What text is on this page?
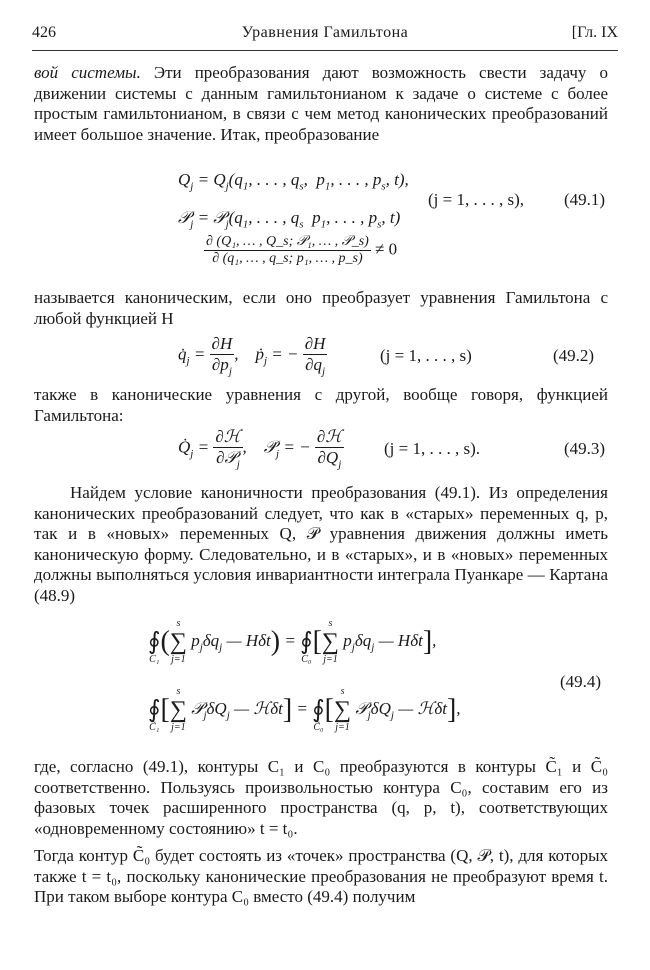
426	Уравнения Гамильтона	[Гл. IX
вой системы. Эти преобразования дают возможность свести задачу о движении системы с данным гамильтонианом к задаче о системе с более простым гамильтонианом, в связи с чем метод канонических преобразований имеет большое значение. Итак, преобразование
$Q_j = Q_j(q_1$, . . . , $q_s$,  $p_1$, . . . , $p_s$, t),
𝒫$_j$ = $𝒫_j(q_1$, . . . , $q_s$  $p_1$, . . . , $p_s$, t)
(j = 1, . . . , s), (49.1)
$\frac{\text{∂ (Q₁, … , Q\_s; 𝒫₁, … , 𝒫\_s)}}{\text{∂ (q₁, … , q\_s; p₁, … , p\_s)}} \ne 0$
называется каноническим, если оно преобразует уравнения Гамильтона с любой функцией H
$q̇_j = \frac{\partial H}{\partial p_j}$ ,    ṗ$_j$ = − $\frac{\partial H}{\partial q_j}$	(j = 1, . . . , s)	(49.2)
также в канонические уравнения с другой, вообще говоря, функцией Гамильтона:
$Q̇_j = \frac{\text{∂ℋ}}{\partial 𝒫_j}$ ,    $𝒫̇_j$ = − $\frac{\text{∂ℋ}}{\partial Q_j} (j = 1$, . . . , s).	(49.3)
Найдем условие каноничности преобразования (49.1). Из определения канонических преобразований следует, что как в «старых» переменных q, p, так и в «новых» переменных Q, 𝒫 уравнения движения должны иметь каноническую форму. Следовательно, и в «старых», и в «новых» переменных должны выполняться условия инвариантности интеграла Пуанкаре — Картана (48.9)

∮
C₁
(
s
∑
j=1
$p_j\delta q_j$ — Hδt) =
∮
C₀
[
s
∑
j=1
$p_j\delta q_j$ — Hδt],
(49.4)

∮
C̃₁
[
s
∑
j=1
$𝒫_j\delta Q_j$ — ℋδt] =
∮
C̃₀
[
s
∑
j=1
$𝒫_j\delta Q_j$ — ℋδt],
где, согласно (49.1), контуры C₁ и C₀ преобразуются в контуры C̃₁ и C̃₀ соответственно. Пользуясь произвольностью контура C₀, составим его из фазовых точек расширенного пространства (q, p, t), соответствующих «одновременному состоянию» t = t₀.
Тогда контур C̃₀ будет состоять из «точек» пространства (Q, 𝒫, t), для которых также t = t₀, поскольку канонические преобразования не преобразуют время t. При таком выборе контура C₀ вместо (49.4) получим
